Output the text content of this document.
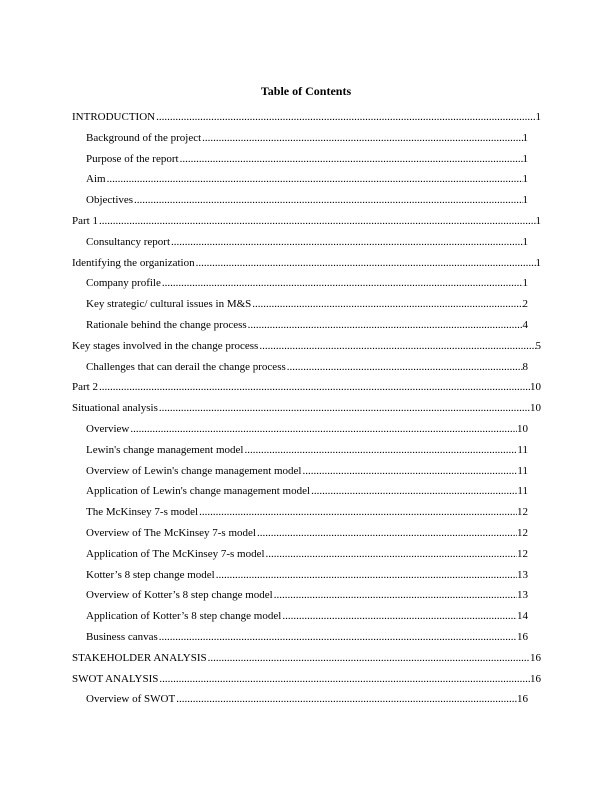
Table of Contents
INTRODUCTION .....	1
Background of the project .....	1
Purpose of the report .....	1
Aim .....	1
Objectives .....	1
Part 1 .....	1
Consultancy report .....	1
Identifying the organization .....	1
Company profile .....	1
Key strategic/ cultural issues in M&S .....	2
Rationale behind the change process .....	4
Key stages involved in the change process .....	5
Challenges that can derail the change process .....	8
Part 2 .....	10
Situational analysis .....	10
Overview .....	10
Lewin's change management model .....	11
Overview of Lewin's change management model .....	11
Application of Lewin's change management model .....	11
The McKinsey 7-s model .....	12
Overview of The McKinsey 7-s model .....	12
Application of The McKinsey 7-s model .....	12
Kotter’s 8 step change model .....	13
Overview of Kotter’s 8 step change model .....	13
Application of Kotter’s 8 step change model .....	14
Business canvas .....	16
STAKEHOLDER ANALYSIS .....	16
SWOT ANALYSIS .....	16
Overview of SWOT .....	16
